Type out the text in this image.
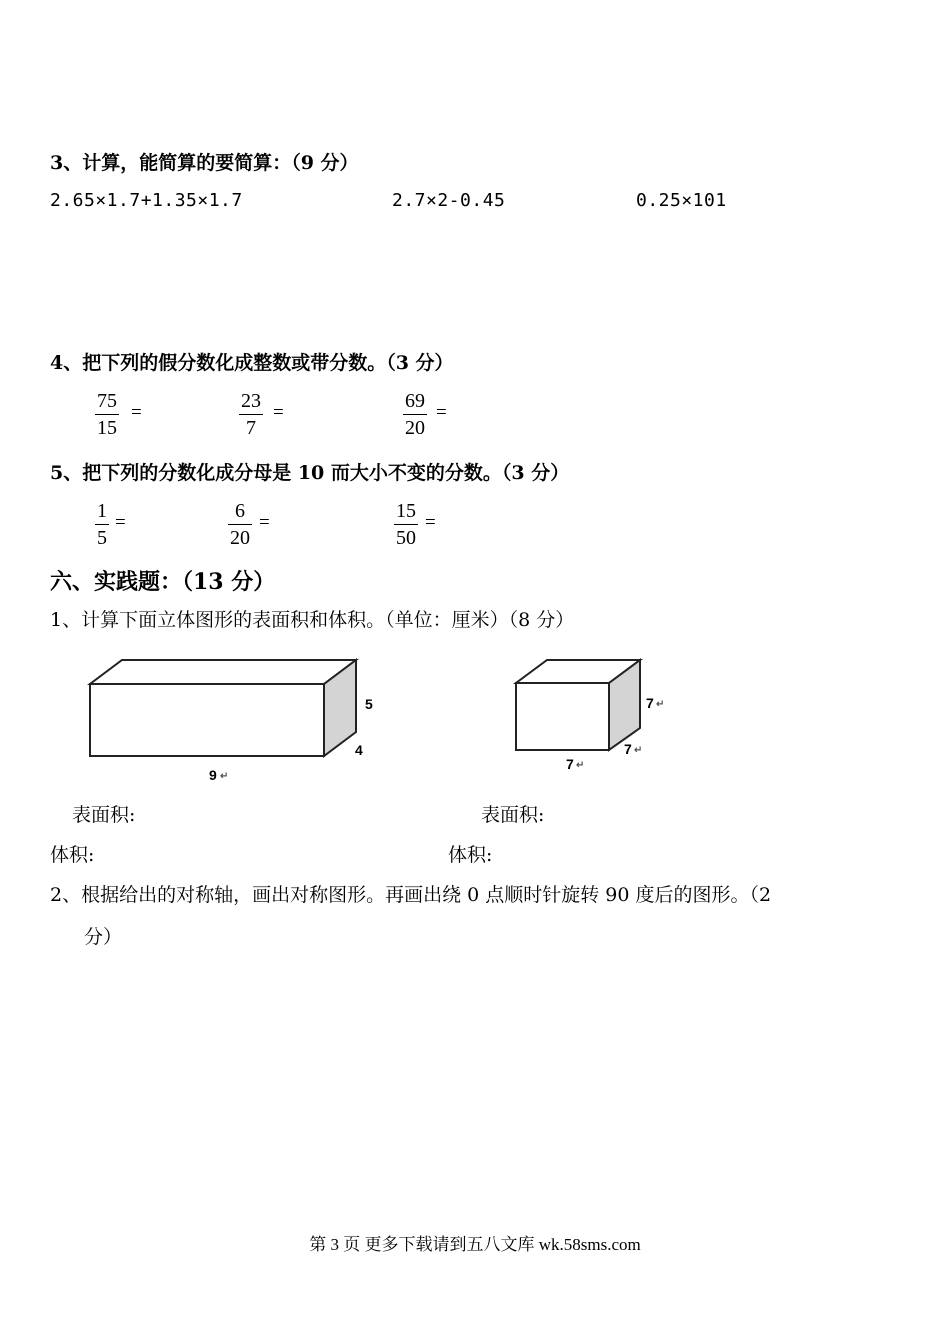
3、计算，能简算的要简算：（9 分）
2.65×1.7+1.35×1.7	2.7×2-0.45	0.25×101
4、把下列的假分数化成整数或带分数。（3 分）
$\frac{75}{15}$ =	$\frac{23}{7}$ =	$\frac{69}{20}$ =
5、把下列的分数化成分母是 10 而大小不变的分数。（3 分）
$\frac{1}{5}$ =	$\frac{6}{20}$ =	$\frac{15}{50}$ =
六、实践题：（13 分）
1、计算下面立体图形的表面积和体积。（单位：厘米）（8 分）
5
4
9 ↵
7 ↵
7 ↵
7 ↵
表面积:	表面积:
体积:	体积:
2、根据给出的对称轴，画出对称图形。再画出绕 0 点顺时针旋转 90 度后的图形。（2
分）
第 3 页 更多下载请到五八文库 wk.58sms.com
